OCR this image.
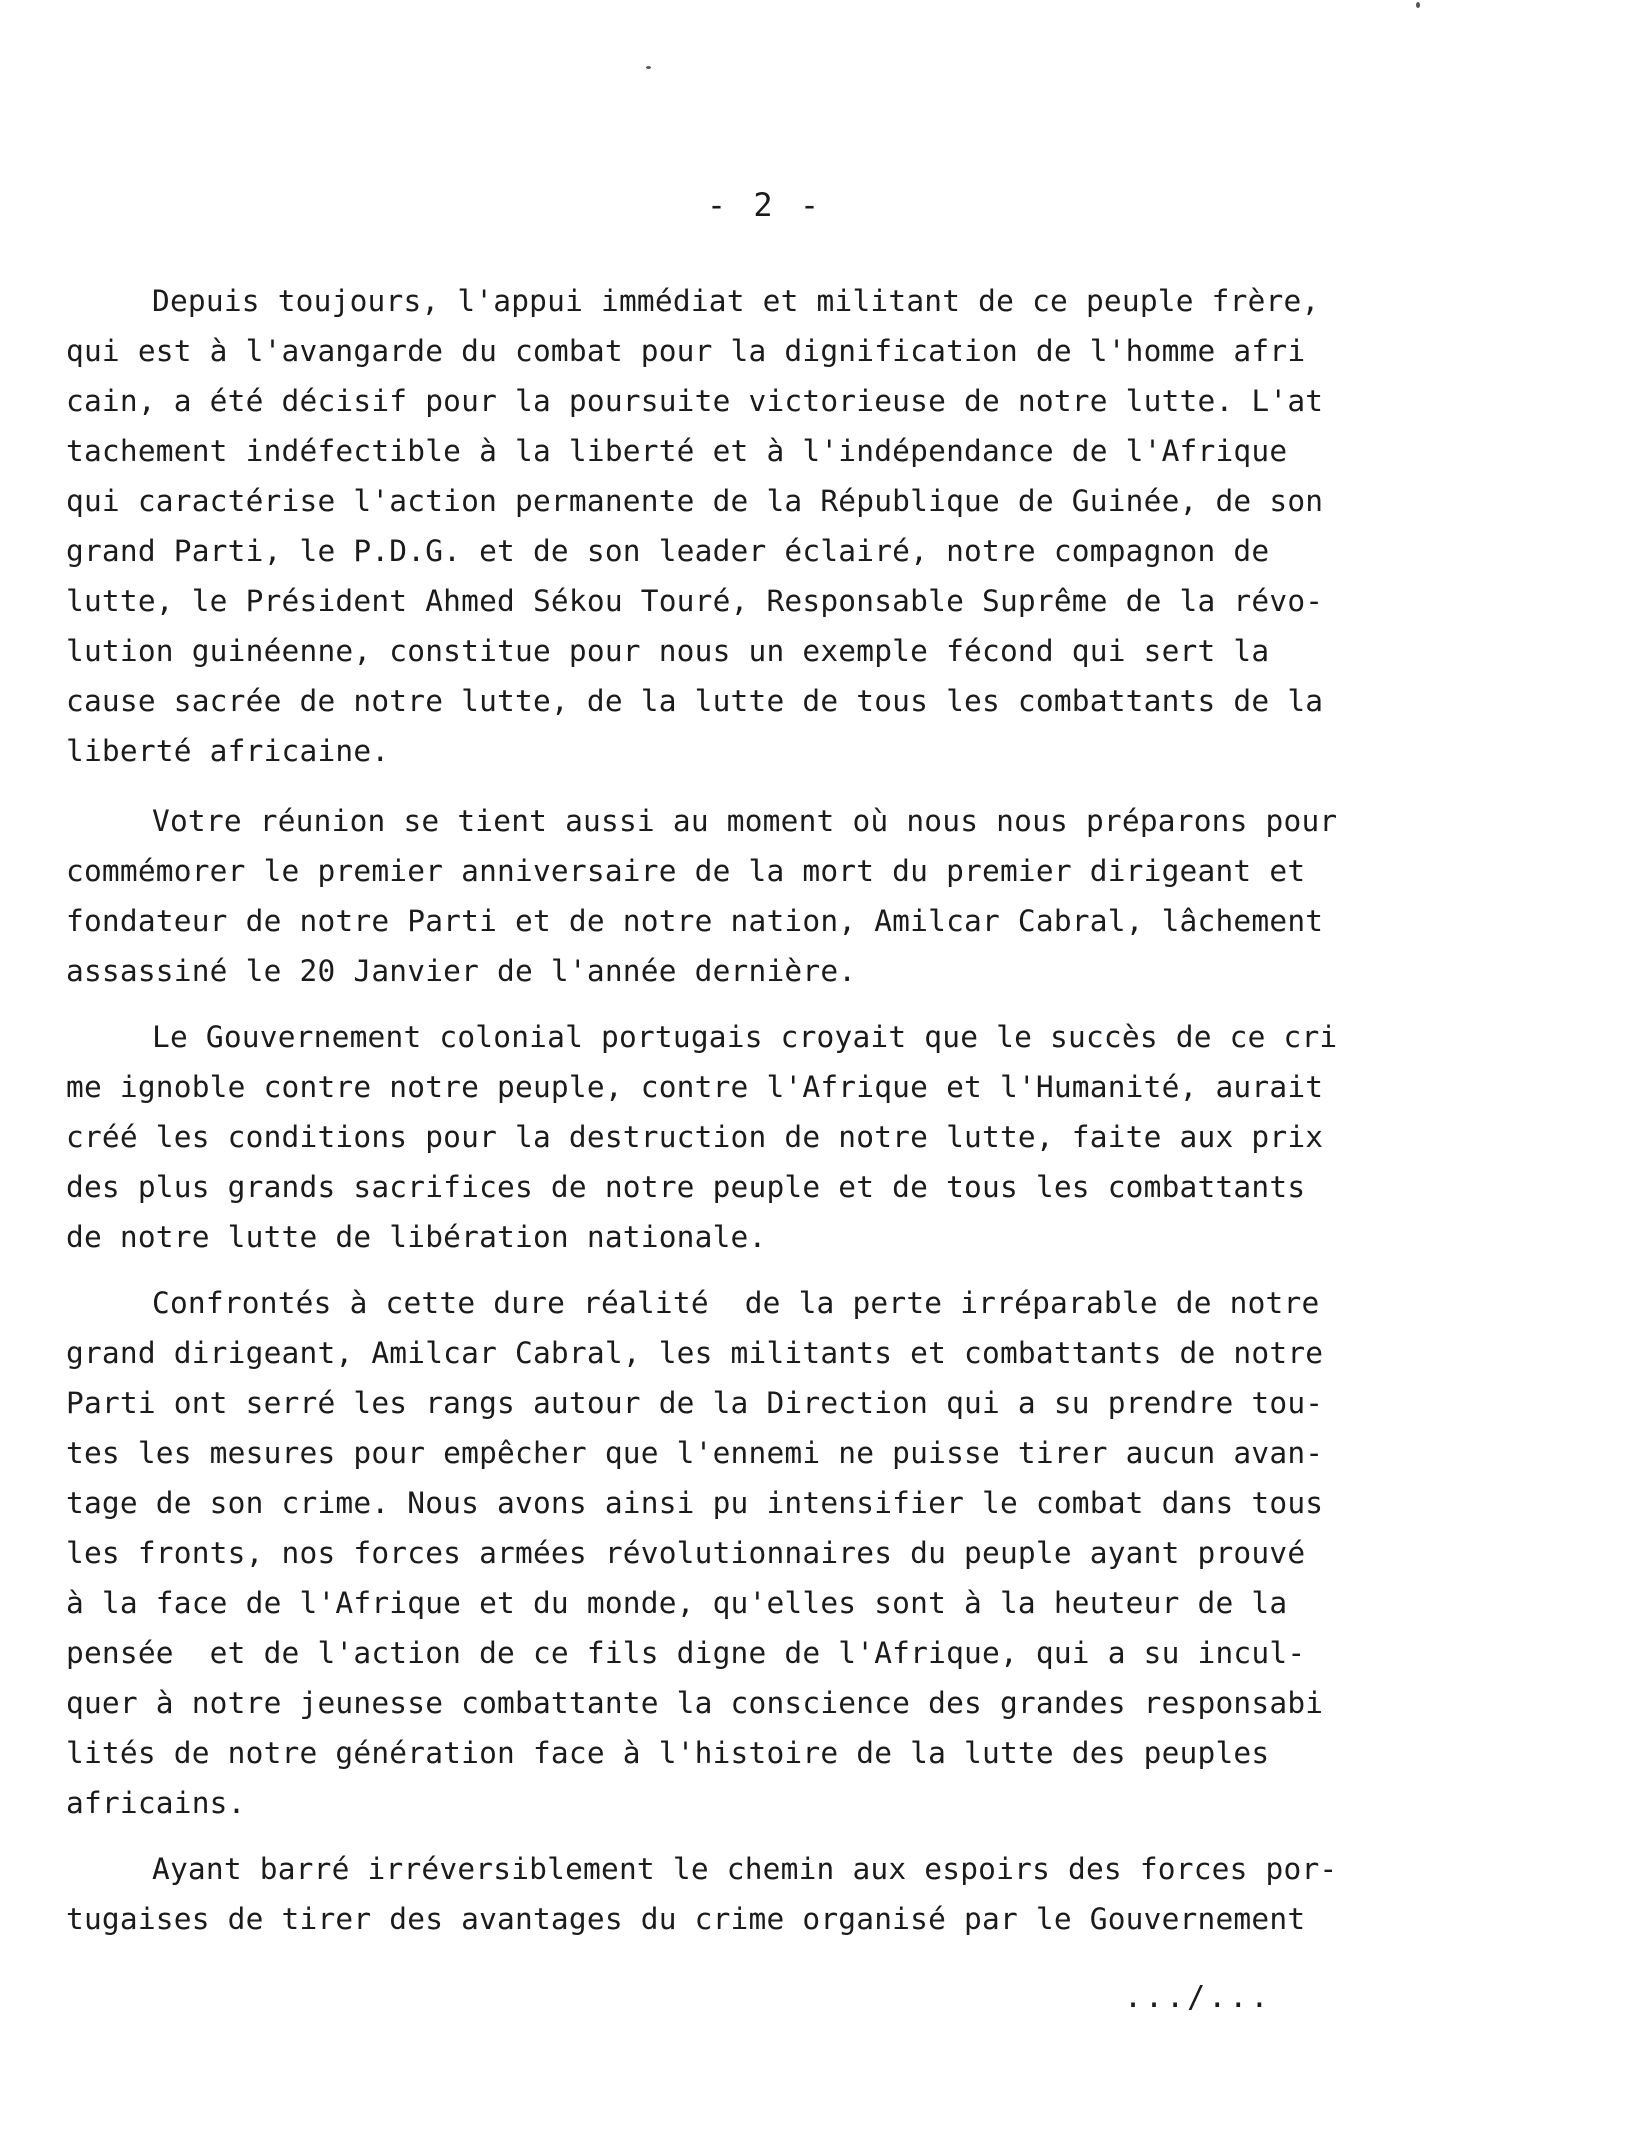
- 2 -
Depuis toujours, l'appui immédiat et militant de ce peuple frère,
qui est à l'avangarde du combat pour la dignification de l'homme afri
cain, a été décisif pour la poursuite victorieuse de notre lutte. L'at
tachement indéfectible à la liberté et à l'indépendance de l'Afrique
qui caractérise l'action permanente de la République de Guinée, de son
grand Parti, le P.D.G. et de son leader éclairé, notre compagnon de
lutte, le Président Ahmed Sékou Touré, Responsable Suprême de la révo-
lution guinéenne, constitue pour nous un exemple fécond qui sert la
cause sacrée de notre lutte, de la lutte de tous les combattants de la
liberté africaine.
Votre réunion se tient aussi au moment où nous nous préparons pour
commémorer le premier anniversaire de la mort du premier dirigeant et
fondateur de notre Parti et de notre nation, Amilcar Cabral, lâchement
assassiné le 20 Janvier de l'année dernière.
Le Gouvernement colonial portugais croyait que le succès de ce cri
me ignoble contre notre peuple, contre l'Afrique et l'Humanité, aurait
créé les conditions pour la destruction de notre lutte, faite aux prix
des plus grands sacrifices de notre peuple et de tous les combattants
de notre lutte de libération nationale.
Confrontés à cette dure réalité  de la perte irréparable de notre
grand dirigeant, Amilcar Cabral, les militants et combattants de notre
Parti ont serré les rangs autour de la Direction qui a su prendre tou-
tes les mesures pour empêcher que l'ennemi ne puisse tirer aucun avan-
tage de son crime. Nous avons ainsi pu intensifier le combat dans tous
les fronts, nos forces armées révolutionnaires du peuple ayant prouvé
à la face de l'Afrique et du monde, qu'elles sont à la heuteur de la
pensée  et de l'action de ce fils digne de l'Afrique, qui a su incul-
quer à notre jeunesse combattante la conscience des grandes responsabi
lités de notre génération face à l'histoire de la lutte des peuples
africains.
Ayant barré irréversiblement le chemin aux espoirs des forces por-
tugaises de tirer des avantages du crime organisé par le Gouvernement
.../...
